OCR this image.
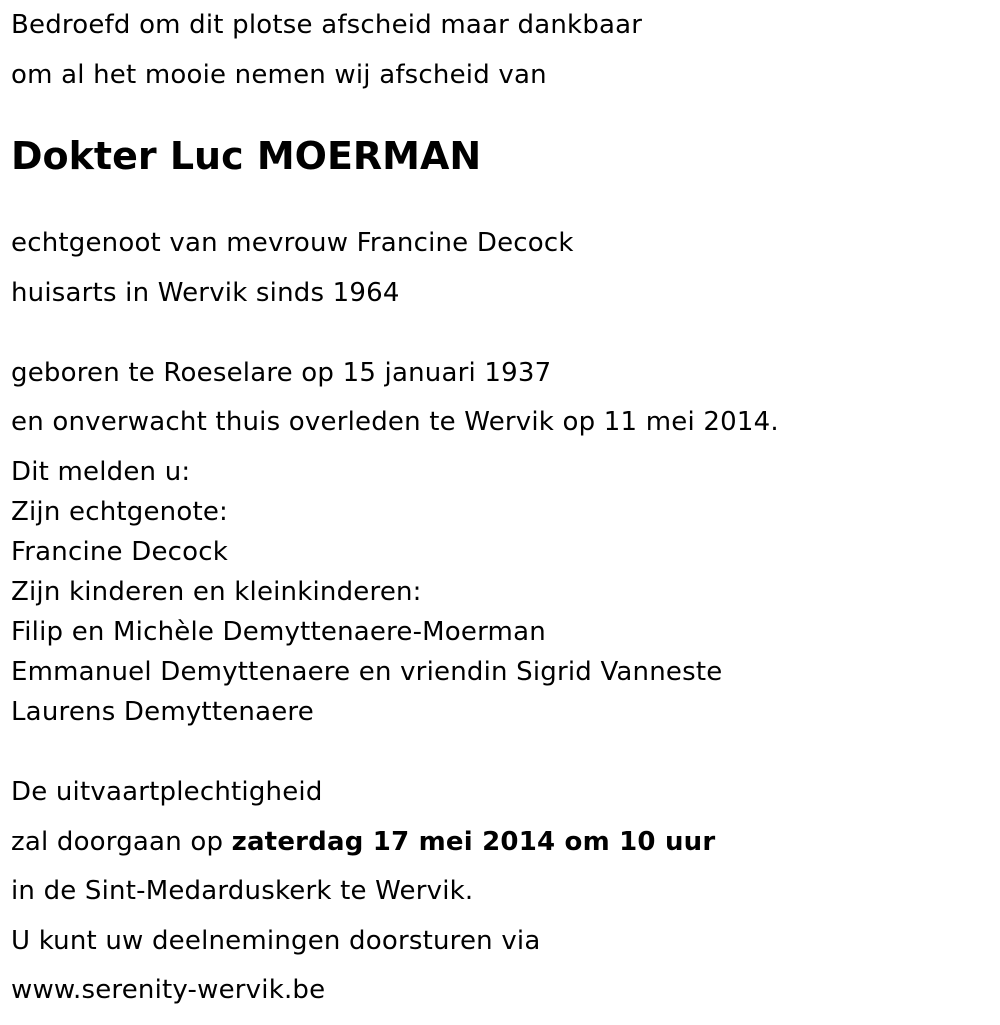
Bedroefd om dit plotse afscheid maar dankbaar
om al het mooie nemen wij afscheid van
Dokter Luc MOERMAN
echtgenoot van mevrouw Francine Decock
huisarts in Wervik sinds 1964
geboren te Roeselare op 15 januari 1937
en onverwacht thuis overleden te Wervik op 11 mei 2014.
Dit melden u:
Zijn echtgenote:
Francine Decock
Zijn kinderen en kleinkinderen:
Filip en Michèle Demyttenaere-Moerman
Emmanuel Demyttenaere en vriendin Sigrid Vanneste
Laurens Demyttenaere
De uitvaartplechtigheid
zal doorgaan op zaterdag 17 mei 2014 om 10 uur
in de Sint-Medarduskerk te Wervik.
U kunt uw deelnemingen doorsturen via
www.serenity-wervik.be
